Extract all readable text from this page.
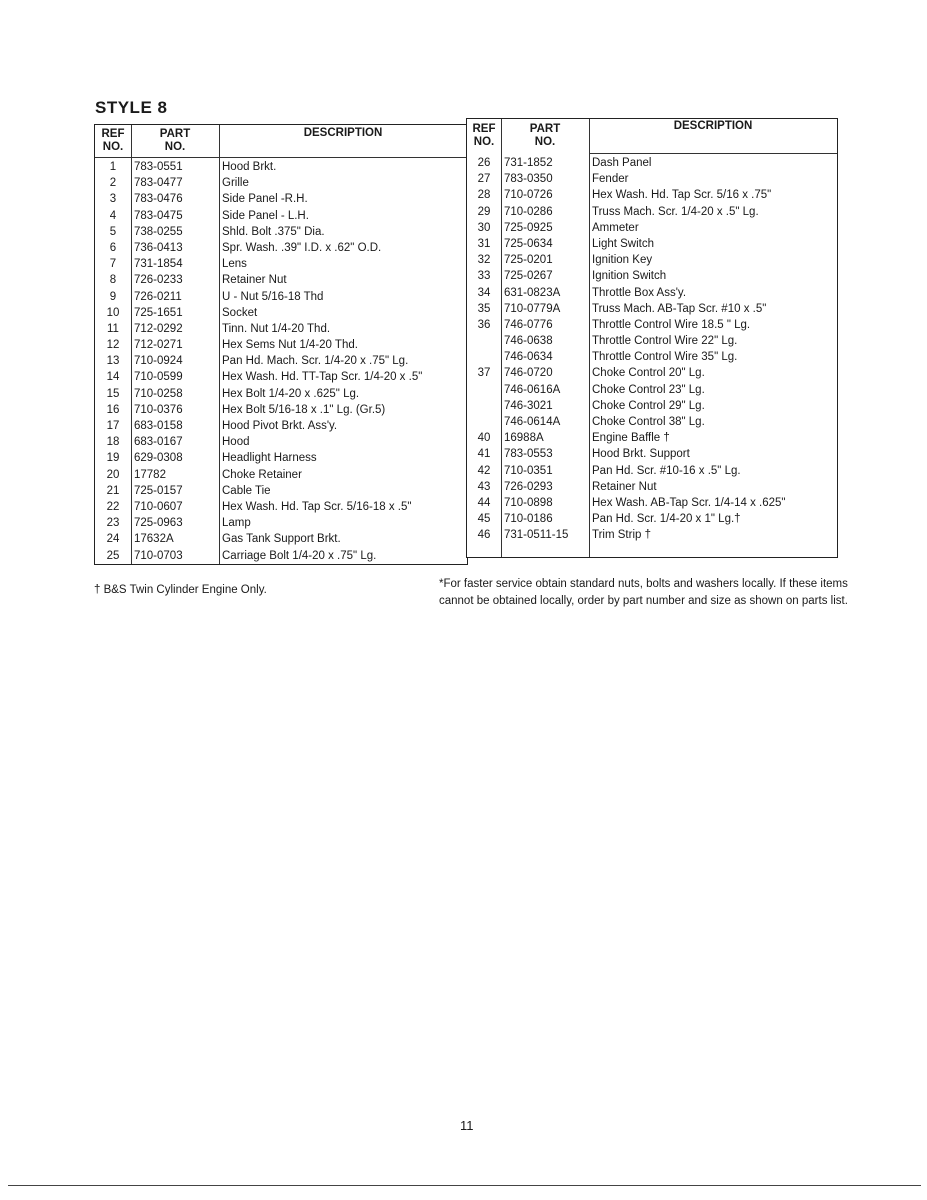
STYLE 8
REF
NO.
PART
NO.
DESCRIPTION
1	783-0551	Hood Brkt.
2	783-0477	Grille
3	783-0476	Side Panel -R.H.
4	783-0475	Side Panel - L.H.
5	738-0255	Shld. Bolt .375" Dia.
6	736-0413	Spr. Wash. .39" I.D. x .62" O.D.
7	731-1854	Lens
8	726-0233	Retainer Nut
9	726-0211	U - Nut 5/16-18 Thd
10	725-1651	Socket
11	712-0292	Tinn. Nut 1/4-20 Thd.
12	712-0271	Hex Sems Nut 1/4-20 Thd.
13	710-0924	Pan Hd. Mach. Scr. 1/4-20 x .75" Lg.
14	710-0599	Hex Wash. Hd. TT-Tap Scr. 1/4-20 x .5"
15	710-0258	Hex Bolt 1/4-20 x .625" Lg.
16	710-0376	Hex Bolt 5/16-18 x .1" Lg. (Gr.5)
17	683-0158	Hood Pivot Brkt. Ass'y.
18	683-0167	Hood
19	629-0308	Headlight Harness
20	17782	Choke Retainer
21	725-0157	Cable Tie
22	710-0607	Hex Wash. Hd. Tap Scr. 5/16-18 x .5"
23	725-0963	Lamp
24	17632A	Gas Tank Support Brkt.
25	710-0703	Carriage Bolt 1/4-20 x .75" Lg.
REF
NO.
PART
NO.
DESCRIPTION
26	731-1852	Dash Panel
27	783-0350	Fender
28	710-0726	Hex Wash. Hd. Tap Scr. 5/16 x .75"
29	710-0286	Truss Mach. Scr. 1/4-20 x .5" Lg.
30	725-0925	Ammeter
31	725-0634	Light Switch
32	725-0201	Ignition Key
33	725-0267	Ignition Switch
34	631-0823A	Throttle Box Ass'y.
35	710-0779A	Truss Mach. AB-Tap Scr. #10 x .5"
36	746-0776	Throttle Control Wire 18.5 " Lg.
746-0638	Throttle Control Wire 22" Lg.
746-0634	Throttle Control Wire 35" Lg.
37	746-0720	Choke Control 20" Lg.
746-0616A	Choke Control 23" Lg.
746-3021	Choke Control 29" Lg.
746-0614A	Choke Control 38" Lg.
40	16988A	Engine Baffle †
41	783-0553	Hood Brkt. Support
42	710-0351	Pan Hd. Scr. #10-16 x .5" Lg.
43	726-0293	Retainer Nut
44	710-0898	Hex Wash. AB-Tap Scr. 1/4-14 x .625"
45	710-0186	Pan Hd. Scr. 1/4-20 x 1" Lg.†
46	731-0511-15 Trim Strip †
† B&S Twin Cylinder Engine Only.	*For faster service obtain standard nuts, bolts and washers locally. If these items cannot be obtained locally, order by part number and size as shown on parts list.
11
